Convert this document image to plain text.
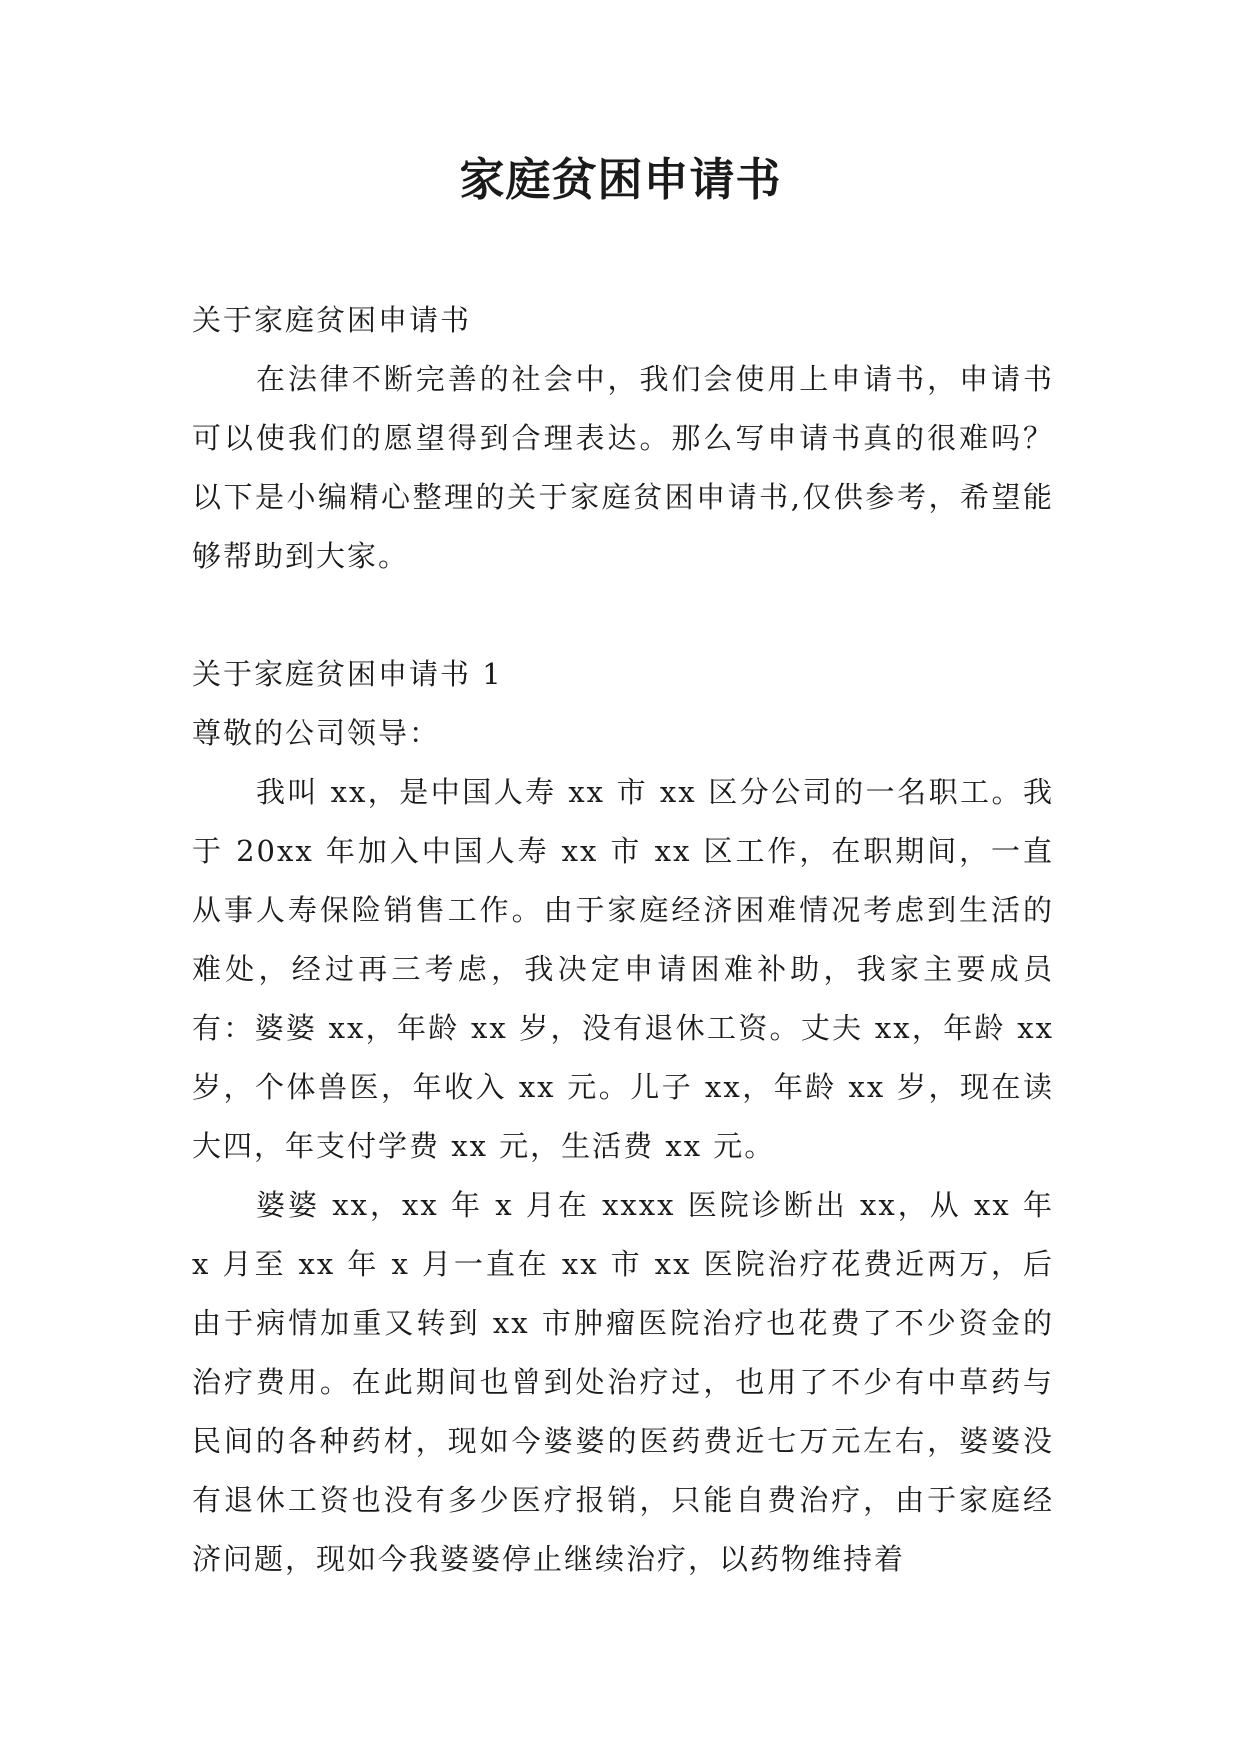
家庭贫困申请书

关于家庭贫困申请书

在法律不断完善的社会中，我们会使用上申请书，申请书可以使我们的愿望得到合理表达。那么写申请书真的很难吗？以下是小编精心整理的关于家庭贫困申请书,仅供参考，希望能够帮助到大家。

关于家庭贫困申请书 1

尊敬的公司领导：

我叫 xx，是中国人寿 xx 市 xx 区分公司的一名职工。我于 20xx 年加入中国人寿 xx 市 xx 区工作，在职期间，一直从事人寿保险销售工作。由于家庭经济困难情况考虑到生活的难处，经过再三考虑，我决定申请困难补助，我家主要成员有：婆婆 xx，年龄 xx 岁，没有退休工资。丈夫 xx，年龄 xx 岁，个体兽医，年收入 xx 元。儿子 xx，年龄 xx 岁，现在读大四，年支付学费 xx 元，生活费 xx 元。

婆婆 xx，xx 年 x 月在 xxxx 医院诊断出 xx，从 xx 年 x 月至 xx 年 x 月一直在 xx 市 xx 医院治疗花费近两万，后由于病情加重又转到 xx 市肿瘤医院治疗也花费了不少资金的治疗费用。在此期间也曾到处治疗过，也用了不少有中草药与民间的各种药材，现如今婆婆的医药费近七万元左右，婆婆没有退休工资也没有多少医疗报销，只能自费治疗，由于家庭经济问题，现如今我婆婆停止继续治疗，以药物维持着
